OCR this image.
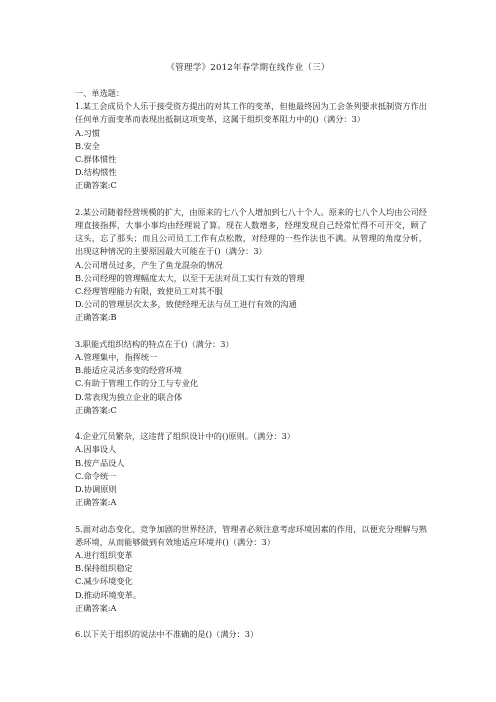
《管理学》2012年春学期在线作业（三）

一、单选题：

1.某工会成员个人乐于接受资方提出的对其工作的变革，但他最终因为工会条列要求抵制资方作出任何单方面变革而表现出抵制这项变革，这属于组织变革阻力中的()（满分：3）

A.习惯

B.安全

C.群体惯性

D.结构惯性

正确答案:C

2.某公司随着经营规模的扩大，由原来的七八个人增加到七八十个人。原来的七八个人均由公司经理直接指挥，大事小事均由经理说了算。现在人数增多，经理发现自己经常忙得不可开交，顾了这头，忘了那头；而且公司员工工作有点松散，对经理的一些作法也不满。从管理的角度分析，出现这种情况的主要原因最大可能在于()（满分：3）

A.公司增员过多，产生了鱼龙混杂的情况

B.公司经理的管理幅度太大，以至于无法对员工实行有效的管理

C.经理管理能力有限，致使员工对其不服

D.公司的管理层次太多，致使经理无法与员工进行有效的沟通

正确答案:B

3.职能式组织结构的特点在于()（满分：3）

A.管理集中，指挥统一

B.能适应灵活多变的经营环境

C.有助于管理工作的分工与专业化

D.常表现为独立企业的联合体

正确答案:C

4.企业冗员繁杂，这违背了组织设计中的()原则。（满分：3）

A.因事设人

B.按产品设人

C.命令统一

D.协调原则

正确答案:A

5.面对动态变化、竞争加剧的世界经济，管理者必须注意考虑环境因素的作用，以便充分理解与熟悉环境，从而能够做到有效地适应环境并()（满分：3）

A.进行组织变革

B.保持组织稳定

C.减少环境变化

D.推动环境变革。

正确答案:A

6.以下关于组织的说法中不准确的是()（满分：3）
